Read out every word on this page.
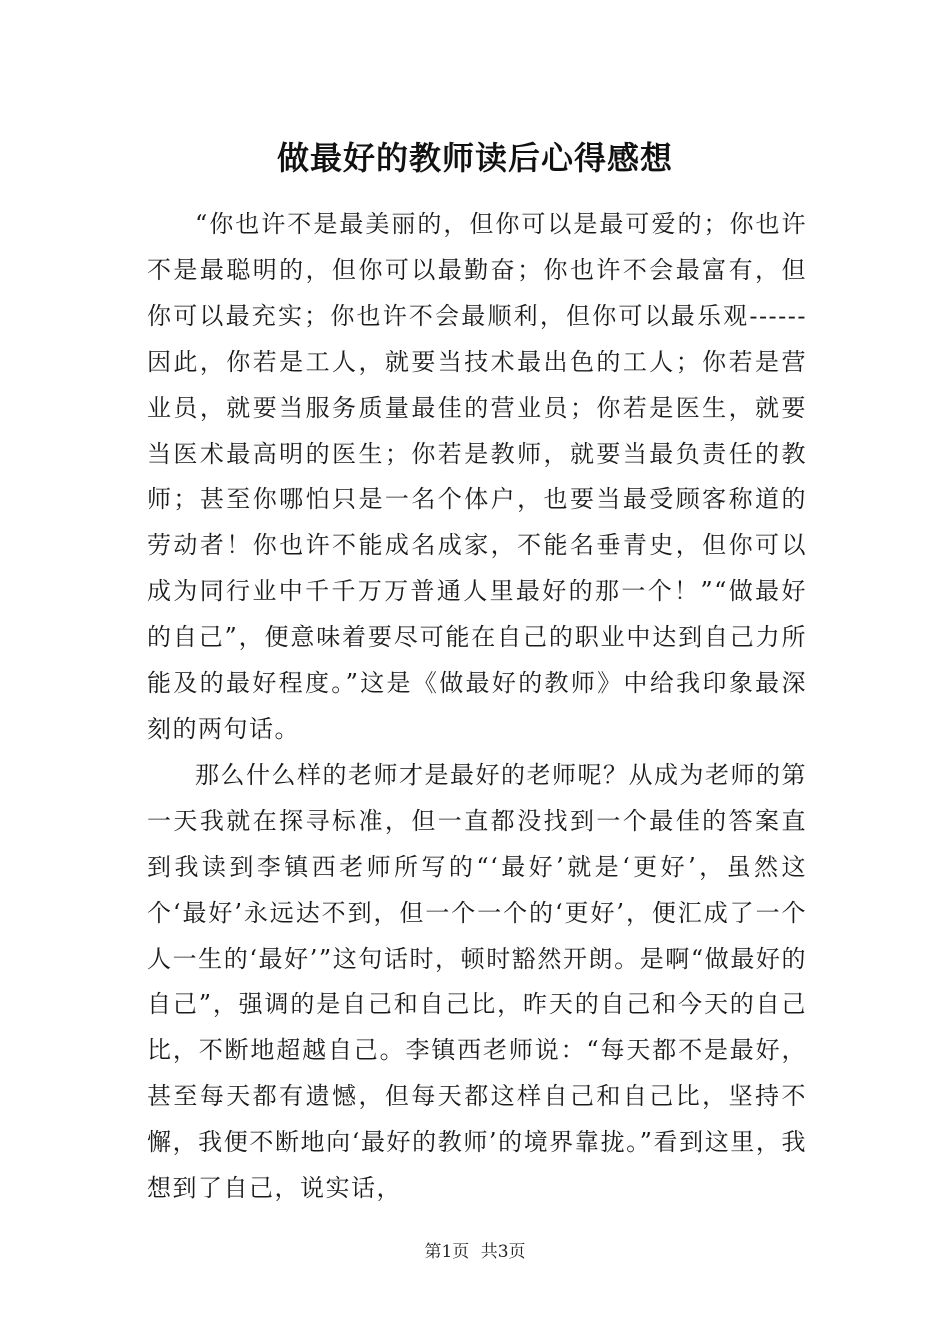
做最好的教师读后心得感想

“你也许不是最美丽的，但你可以是最可爱的；你也许不是最聪明的，但你可以最勤奋；你也许不会最富有，但你可以最充实；你也许不会最顺利，但你可以最乐观------因此，你若是工人，就要当技术最出色的工人；你若是营业员，就要当服务质量最佳的营业员；你若是医生，就要当医术最高明的医生；你若是教师，就要当最负责任的教师；甚至你哪怕只是一名个体户，也要当最受顾客称道的劳动者！你也许不能成名成家，不能名垂青史，但你可以成为同行业中千千万万普通人里最好的那一个！”“做最好的自己”，便意味着要尽可能在自己的职业中达到自己力所能及的最好程度。”这是《做最好的教师》中给我印象最深刻的两句话。

那么什么样的老师才是最好的老师呢？从成为老师的第一天我就在探寻标准，但一直都没找到一个最佳的答案直到我读到李镇西老师所写的“‘最好’就是‘更好’，虽然这个‘最好’永远达不到，但一个一个的‘更好’，便汇成了一个人一生的‘最好’”这句话时，顿时豁然开朗。是啊“做最好的自己”，强调的是自己和自己比，昨天的自己和今天的自己比，不断地超越自己。李镇西老师说：“每天都不是最好，甚至每天都有遗憾，但每天都这样自己和自己比，坚持不懈，我便不断地向‘最好的教师’的境界靠拢。”看到这里，我想到了自己，说实话，

第1页 共3页
